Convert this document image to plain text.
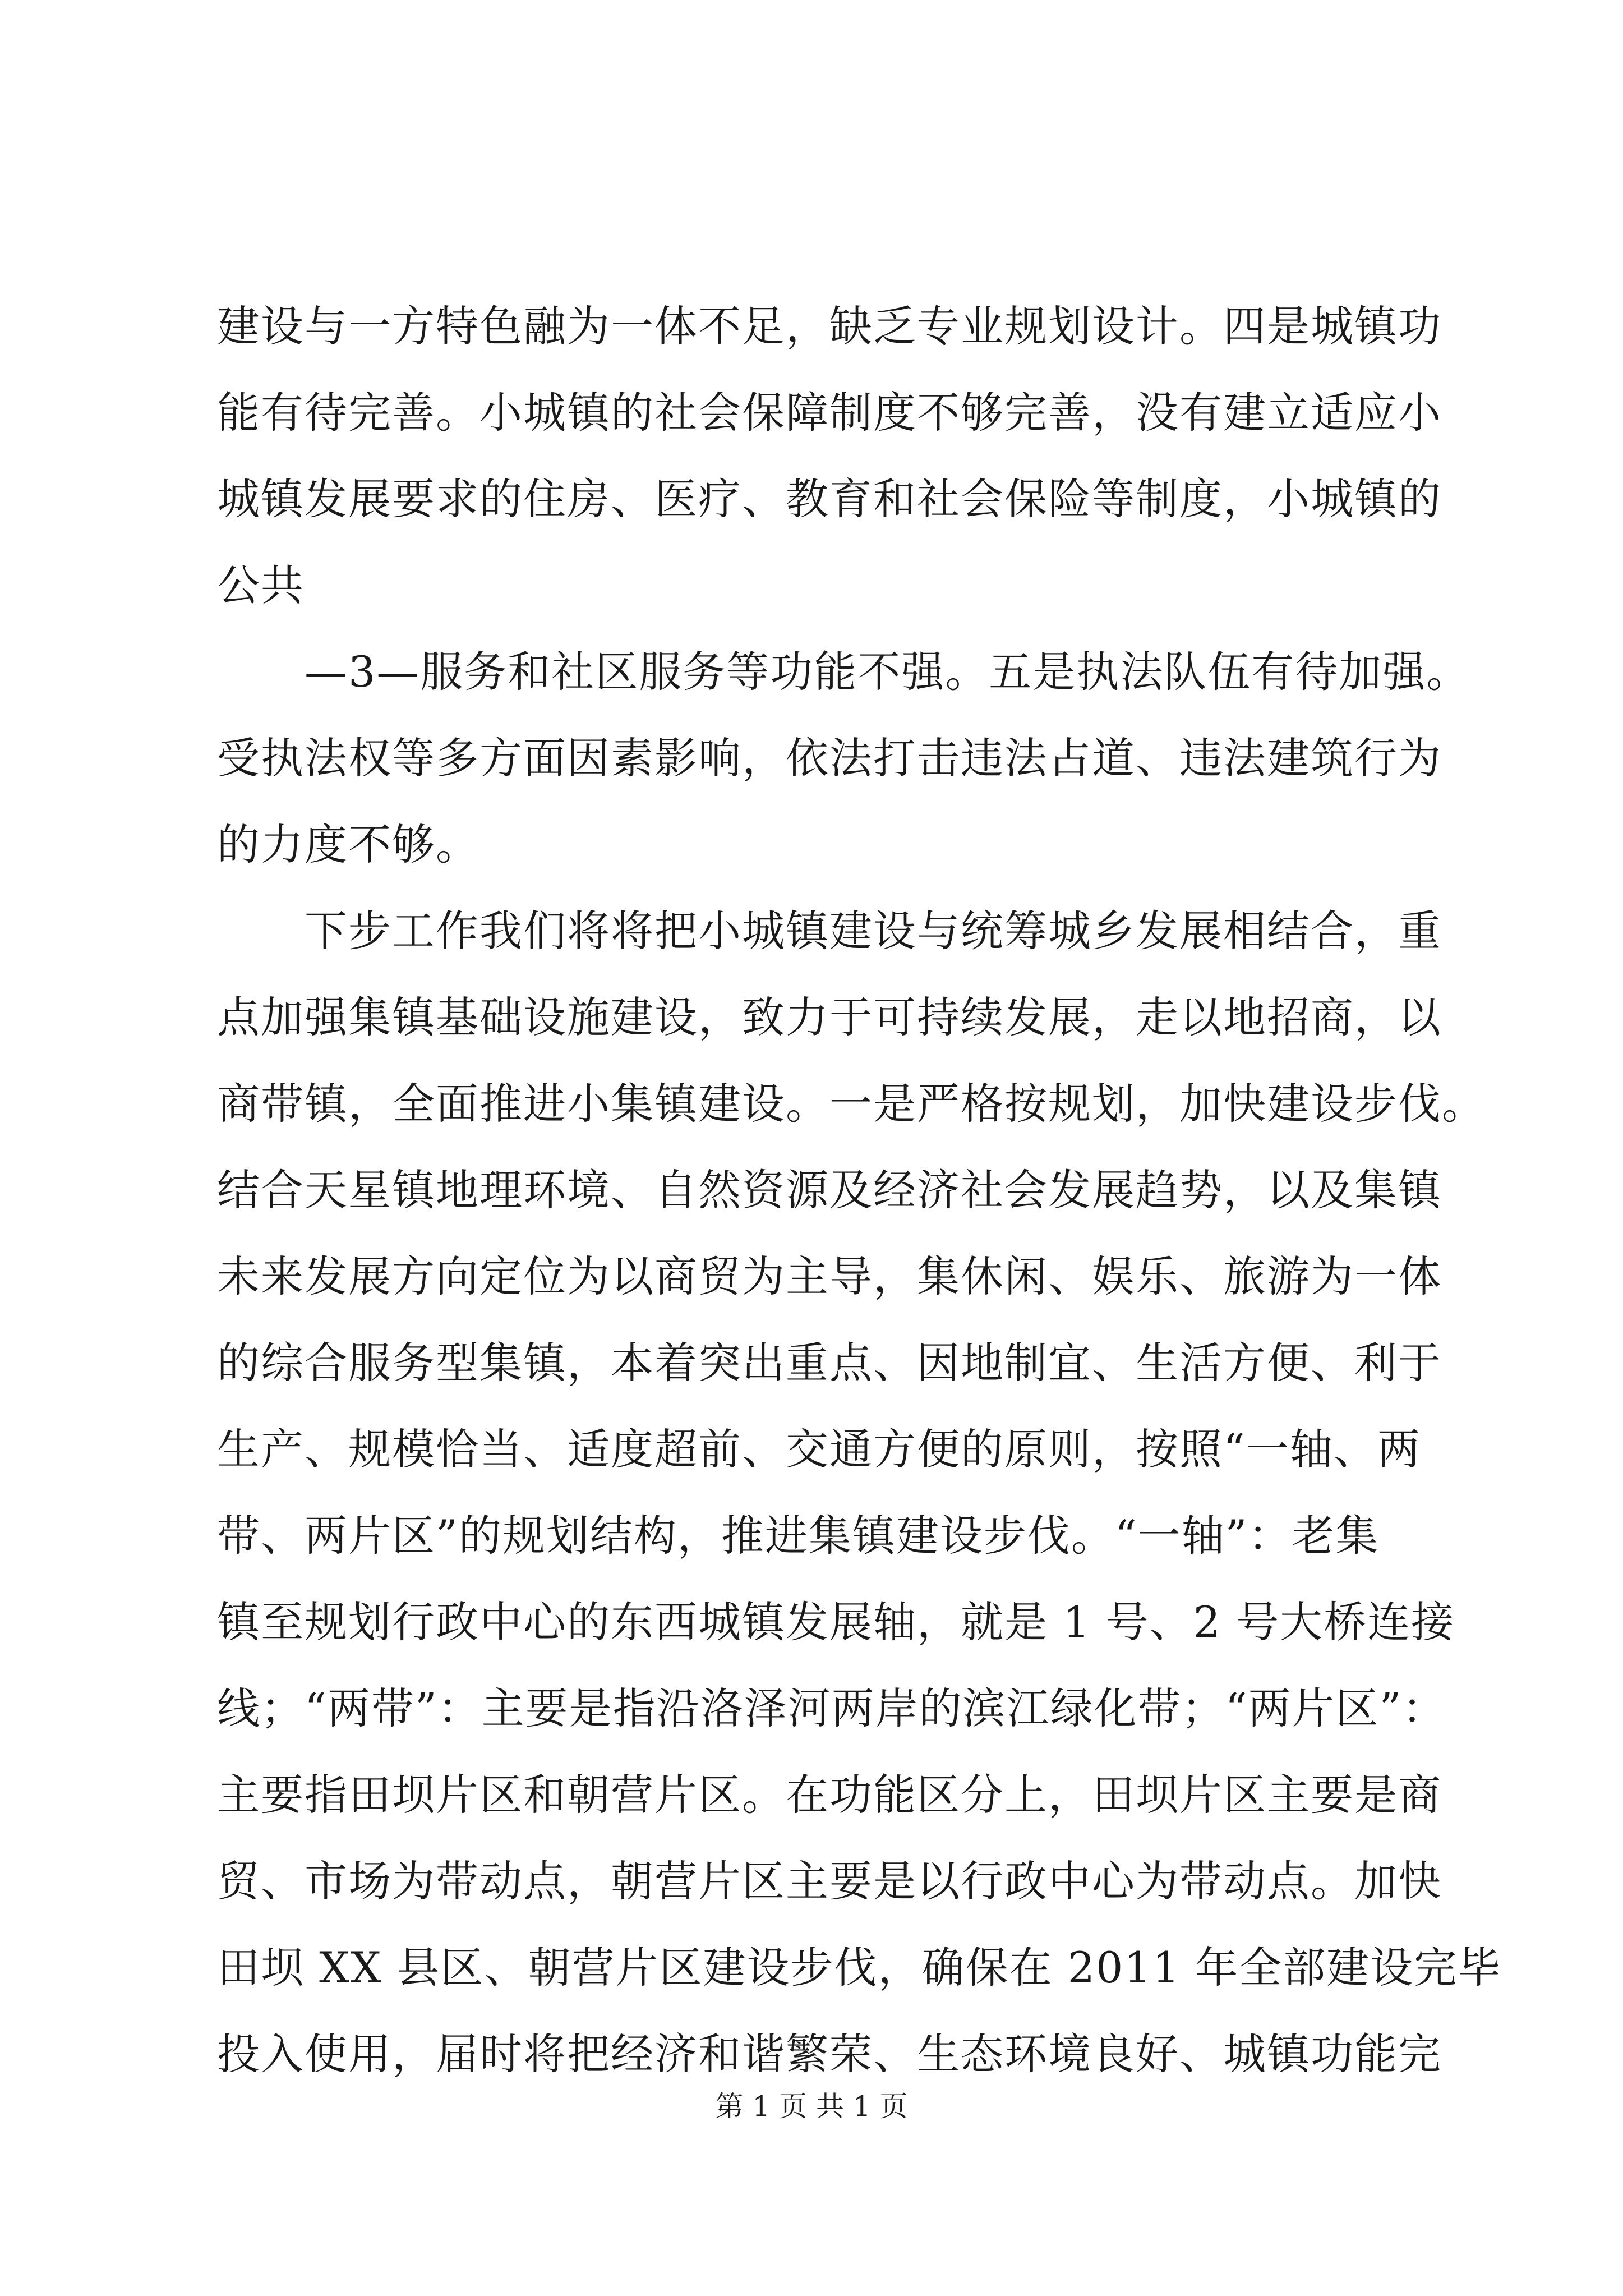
建设与一方特色融为一体不足，缺乏专业规划设计。四是城镇功
能有待完善。小城镇的社会保障制度不够完善，没有建立适应小
城镇发展要求的住房、医疗、教育和社会保险等制度，小城镇的
公共
　　—3—服务和社区服务等功能不强。五是执法队伍有待加强。
受执法权等多方面因素影响，依法打击违法占道、违法建筑行为
的力度不够。
　　下步工作我们将将把小城镇建设与统筹城乡发展相结合，重
点加强集镇基础设施建设，致力于可持续发展，走以地招商，以
商带镇，全面推进小集镇建设。一是严格按规划，加快建设步伐。
结合天星镇地理环境、自然资源及经济社会发展趋势，以及集镇
未来发展方向定位为以商贸为主导，集休闲、娱乐、旅游为一体
的综合服务型集镇，本着突出重点、因地制宜、生活方便、利于
生产、规模恰当、适度超前、交通方便的原则，按照“一轴、两
带、两片区”的规划结构，推进集镇建设步伐。“一轴”：老集
镇至规划行政中心的东西城镇发展轴，就是 1 号、2 号大桥连接
线；“两带”：主要是指沿洛泽河两岸的滨江绿化带；“两片区”：
主要指田坝片区和朝营片区。在功能区分上，田坝片区主要是商
贸、市场为带动点，朝营片区主要是以行政中心为带动点。加快
田坝 XX 县区、朝营片区建设步伐，确保在 2011 年全部建设完毕
投入使用，届时将把经济和谐繁荣、生态环境良好、城镇功能完
第 1 页 共 1 页
